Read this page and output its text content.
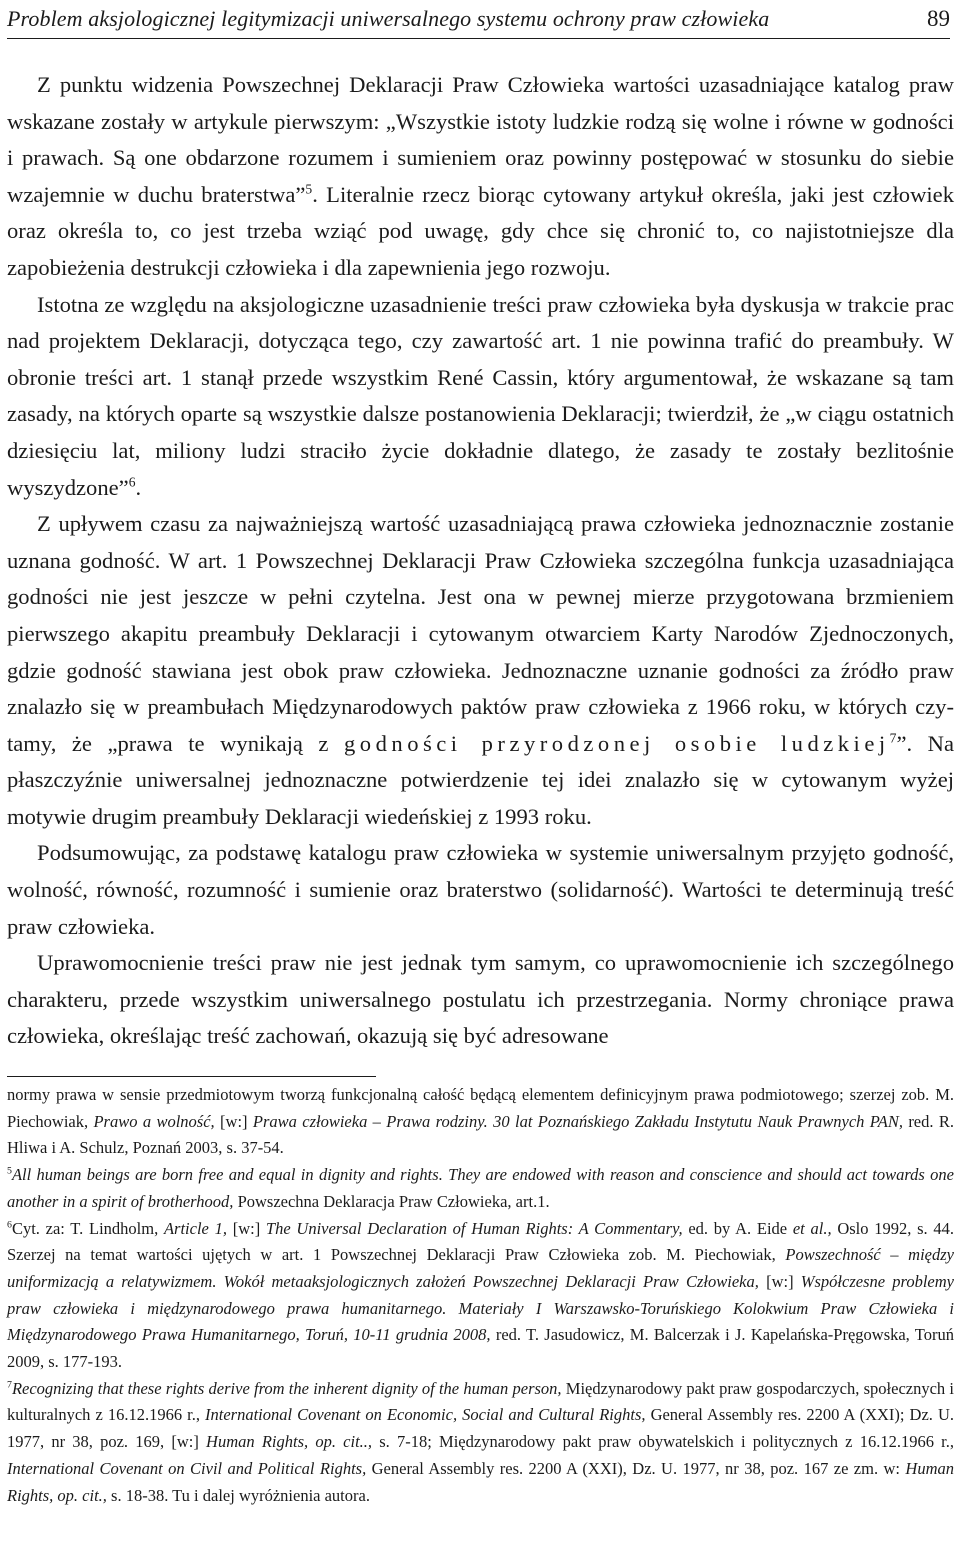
Problem aksjologicznej legitymizacji uniwersalnego systemu ochrony praw człowieka	89

Z punktu widzenia Powszechnej Deklaracji Praw Człowieka wartości uzasadniające katalog praw wskazane zostały w artykule pierwszym: „Wszystkie istoty ludzkie rodzą się wolne i równe w godności i prawach. Są one obdarzone rozumem i sumieniem oraz powinny postępować w stosunku do siebie wzajemnie w duchu braterstwa”$^5$. Literalnie rzecz biorąc cytowany artykuł określa, jaki jest człowiek oraz określa to, co jest trzeba wziąć pod uwagę, gdy chce się chronić to, co najistotniejsze dla zapobieżenia destrukcji człowieka i dla zapewnienia jego rozwoju.

Istotna ze względu na aksjologiczne uzasadnienie treści praw człowieka była dyskusja w trakcie prac nad projektem Deklaracji, dotycząca tego, czy zawartość art. 1 nie powinna trafić do preambuły. W obronie treści art. 1 stanął przede wszystkim René Cassin, który argumentował, że wskazane są tam zasady, na których oparte są wszystkie dalsze postanowienia Deklaracji; twierdził, że „w ciągu ostatnich dziesięciu lat, miliony ludzi straciło życie dokładnie dlatego, że zasady te zostały bezlitośnie wyszydzone”$^6$.

Z upływem czasu za najważniejszą wartość uzasadniającą prawa człowieka jednoznacznie zostanie uznana godność. W art. 1 Powszechnej Deklaracji Praw Człowieka szczególna funkcja uzasadniająca godności nie jest jeszcze w pełni czytelna. Jest ona w pewnej mierze przygotowana brzmieniem pierwszego akapitu preambuły Deklaracji i cytowanym otwarciem Karty Narodów Zjednoczonych, gdzie godność stawiana jest obok praw człowieka. Jednoznaczne uznanie godności za źródło praw znalazło się w preambułach Międzynarodowych paktów praw człowieka z 1966 roku, w których czytamy, że „prawa te wynikają z godności przyrodzonej osobie ludzkiej$^7$”. Na płaszczyźnie uniwersalnej jednoznaczne potwierdzenie tej idei znalazło się w cytowanym wyżej motywie drugim preambuły Deklaracji wiedeńskiej z 1993 roku.

Podsumowując, za podstawę katalogu praw człowieka w systemie uniwersalnym przyjęto godność, wolność, równość, rozumność i sumienie oraz braterstwo (solidarność). Wartości te determinują treść praw człowieka.

Uprawomocnienie treści praw nie jest jednak tym samym, co uprawomocnienie ich szczególnego charakteru, przede wszystkim uniwersalnego postulatu ich przestrzegania. Normy chroniące prawa człowieka, określając treść zachowań, okazują się być adresowane

normy prawa w sensie przedmiotowym tworzą funkcjonalną całość będącą elementem definicyjnym prawa podmiotowego; szerzej zob. M. Piechowiak, Prawo a wolność, [w:] Prawa człowieka – Prawa rodziny. 30 lat Poznańskiego Zakładu Instytutu Nauk Prawnych PAN, red. R. Hliwa i A. Schulz, Poznań 2003, s. 37-54.

$^5$All human beings are born free and equal in dignity and rights. They are endowed with reason and conscience and should act towards one another in a spirit of brotherhood, Powszechna Deklaracja Praw Człowieka, art.1.

$^6$Cyt. za: T. Lindholm, Article 1, [w:] The Universal Declaration of Human Rights: A Commentary, ed. by A. Eide et al., Oslo 1992, s. 44. Szerzej na temat wartości ujętych w art. 1 Powszechnej Deklaracji Praw Człowieka zob. M. Piechowiak, Powszechność – między uniformizacją a relatywizmem. Wokół metaaksjologicznych założeń Powszechnej Deklaracji Praw Człowieka, [w:] Współczesne problemy praw człowieka i międzynarodowego prawa humanitarnego. Materiały I Warszawsko-Toruńskiego Kolokwium Praw Człowieka i Międzynarodowego Prawa Humanitarnego, Toruń, 10-11 grudnia 2008, red. T. Jasudowicz, M. Balcerzak i J. Kapelańska-Pręgowska, Toruń 2009, s. 177-193.

$^7$Recognizing that these rights derive from the inherent dignity of the human person, Międzynarodowy pakt praw gospodarczych, społecznych i kulturalnych z 16.12.1966 r., International Covenant on Economic, Social and Cultural Rights, General Assembly res. 2200 A (XXI); Dz. U. 1977, nr 38, poz. 169, [w:] Human Rights, op. cit.., s. 7-18; Międzynarodowy pakt praw obywatelskich i politycznych z 16.12.1966 r., International Covenant on Civil and Political Rights, General Assembly res. 2200 A (XXI), Dz. U. 1977, nr 38, poz. 167 ze zm. w: Human Rights, op. cit., s. 18-38. Tu i dalej wyróżnienia autora.
